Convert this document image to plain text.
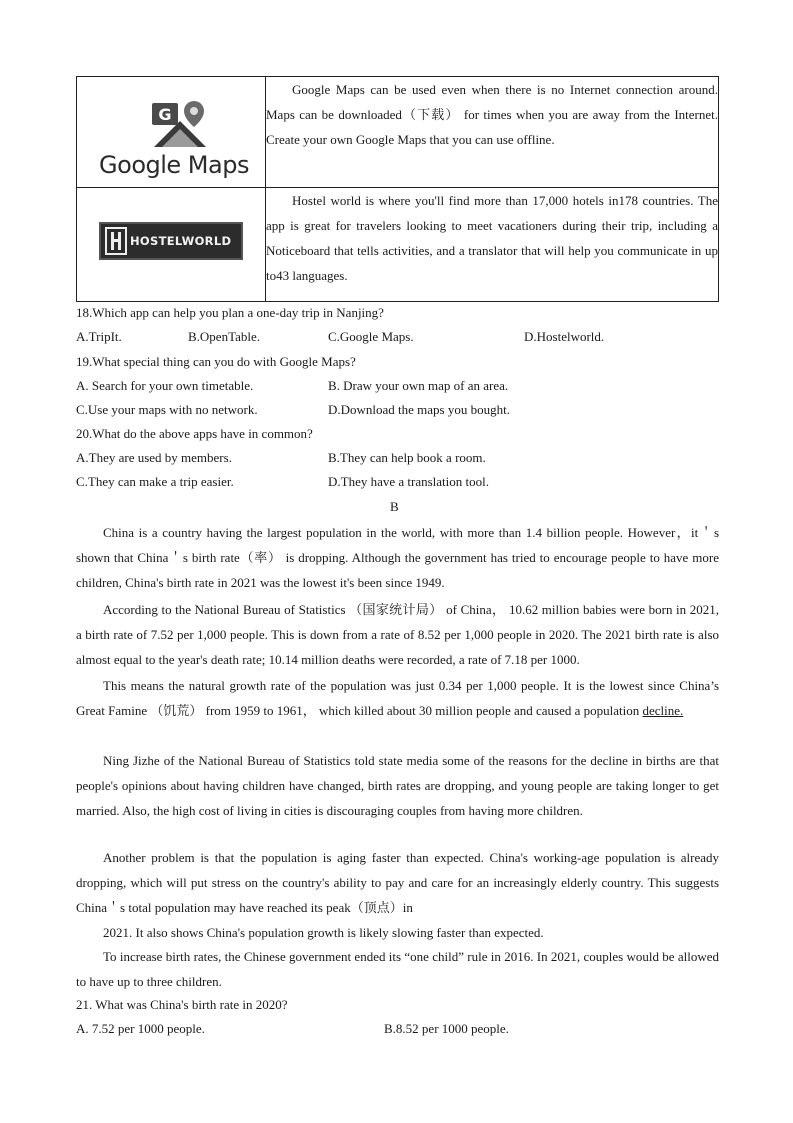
G
Google Maps	Google Maps can be used even when there is no Internet connection around. Maps can be downloaded（下载） for times when you are away from the Internet. Create your own Google Maps that you can use offline.

HOSTELWORLD	Hostel world is where you'll find more than 17,000 hotels in178 countries. The app is great for travelers looking to meet vacationers during their trip, including a Noticeboard that tells activities, and a translator that will help you communicate in up to43 languages.

18.Which app can help you plan a one-day trip in Nanjing?
A.TripIt.	B.OpenTable.	C.Google Maps.	D.Hostelworld.
19.What special thing can you do with Google Maps?
A. Search for your own timetable.	B. Draw your own map of an area.
C.Use your maps with no network.	D.Download the maps you bought.
20.What do the above apps have in common?
A.They are used by members.	B.They can help book a room.
C.They can make a trip easier.	D.They have a translation tool.
B

China is a country having the largest population in the world, with more than 1.4 billion people. However，it＇s shown that China＇s birth rate（率） is dropping. Although the government has tried to encourage people to have more children, China's birth rate in 2021 was the lowest it's been since 1949.

According to the National Bureau of Statistics （国家统计局） of China， 10.62 million babies were born in 2021, a birth rate of 7.52 per 1,000 people. This is down from a rate of 8.52 per 1,000 people in 2020. The 2021 birth rate is also almost equal to the year's death rate; 10.14 million deaths were recorded, a rate of 7.18 per 1000.

This means the natural growth rate of the population was just 0.34 per 1,000 people. It is the lowest since China’s Great Famine （饥荒） from 1959 to 1961， which killed about 30 million people and caused a population decline.

Ning Jizhe of the National Bureau of Statistics told state media some of the reasons for the decline in births are that people's opinions about having children have changed, birth rates are dropping, and young people are taking longer to get married. Also, the high cost of living in cities is discouraging couples from having more children.

Another problem is that the population is aging faster than expected. China's working-age population is already dropping, which will put stress on the country's ability to pay and care for an increasingly elderly country. This suggests China＇s total population may have reached its peak（顶点）in

2021. It also shows China's population growth is likely slowing faster than expected.

To increase birth rates, the Chinese government ended its “one child” rule in 2016. In 2021, couples would be allowed to have up to three children.

21. What was China's birth rate in 2020?
A. 7.52 per 1000 people.	B.8.52 per 1000 people.
